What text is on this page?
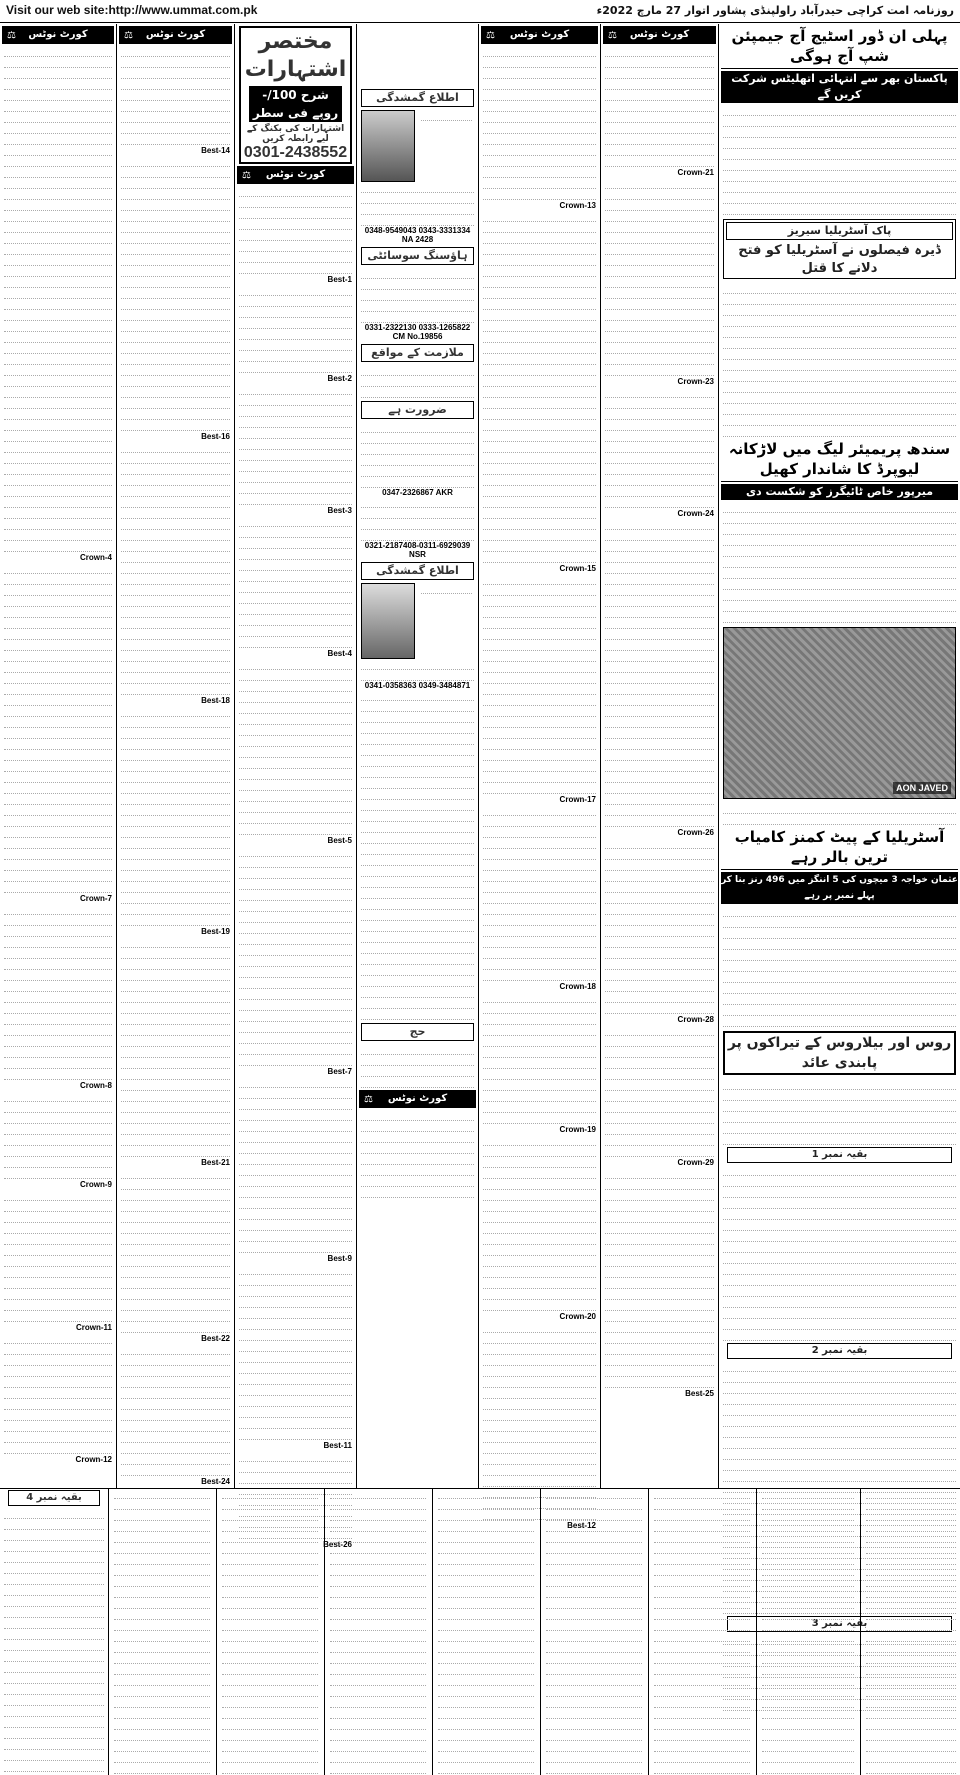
Visit our web site:http://www.ummat.com.pk	روزنامہ امت کراچی حیدرآباد راولپنڈی پشاور اتوار 27 مارچ 2022ء
⚖ کورٹ نوٹس
Crown-4
Crown-7
Crown-8
Crown-9
Crown-11
Crown-12
⚖ کورٹ نوٹس
Best-14
Best-16
Best-18
Best-19
Best-21
Best-22
Best-24
مختصر اشتہارات
شرح 100/- روپے فی سطر
اشتہارات کی بکنگ کے لیے رابطہ کریں
0301-2438552
⚖ کورٹ نوٹس
Best-1
Best-2
Best-3
Best-4
Best-5
Best-7
Best-9
Best-11
Best-26
اطلاع گمشدگی
0348-9549043 0343-3331334 NA 2428
ہاؤسنگ سوسائٹی
0331-2322130 0333-1265822 CM No.19856
ملازمت کے مواقع
ضرورت ہے
0347-2326867 AKR
0321-2187408-0311-6929039 NSR
اطلاع گمشدگی
0341-0358363 0349-3484871
حج
⚖ کورٹ نوٹس
⚖ کورٹ نوٹس
Crown-13
Crown-15
Crown-17
Crown-18
Crown-19
Crown-20
Best-12
⚖ کورٹ نوٹس
Crown-21
Crown-23
Crown-24
Crown-26
Crown-28
Crown-29
Best-25
پہلی ان ڈور اسٹیج آج جیمپئن شپ آج ہوگی
پاکستان بھر سے انتہائی اتھلیٹس شرکت کریں گے
پاک آسٹریلیا سیریز
ڈیرہ فیصلوں نے آسٹریلیا کو فتح دلانے کا قتل
سندھ پریمیئر لیگ میں لاڑکانہ لیوپرڈ کا شاندار کھیل
میرپور خاص ٹائیگرز کو شکست دی
AON JAVED
آسٹریلیا کے پیٹ کمنز کامیاب ترین بالر رہے
عثمان خواجہ 3 میچوں کی 5 اننگز میں 496 رنز بنا کر پہلے نمبر پر رہے
روس اور بیلاروس کے تیراکوں پر پابندی عائد
بقیہ نمبر 1
بقیہ نمبر 2
بقیہ نمبر 3
بقیہ نمبر 4
